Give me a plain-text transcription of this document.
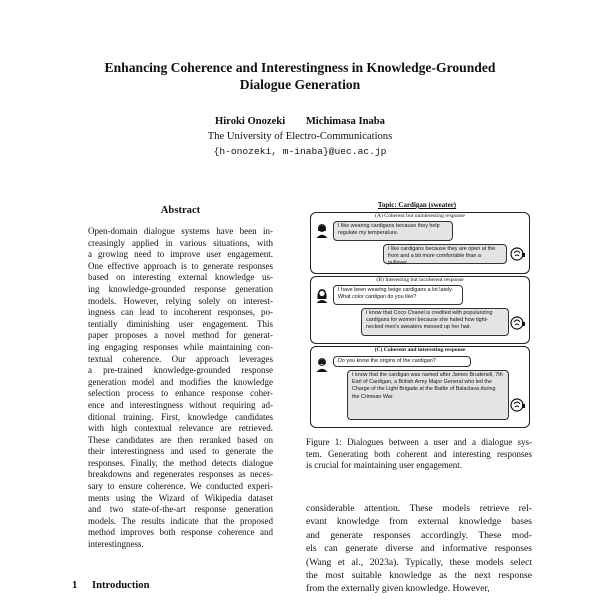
Enhancing Coherence and Interestingness in Knowledge-Grounded
Dialogue Generation
Hiroki Onozeki Michimasa Inaba
The University of Electro-Communications
{h-onozeki, m-inaba}@uec.ac.jp
Abstract
Open-domain dialogue systems have been in-
creasingly applied in various situations, with
a growing need to improve user engagement.
One effective approach is to generate responses
based on interesting external knowledge us-
ing knowledge-grounded response generation
models. However, relying solely on interest-
ingness can lead to incoherent responses, po-
tentially diminishing user engagement. This
paper proposes a novel method for generat-
ing engaging responses while maintaining con-
textual coherence. Our approach leverages
a pre-trained knowledge-grounded response
generation model and modifies the knowledge
selection process to enhance response coher-
ence and interestingness without requiring ad-
ditional training. First, knowledge candidates
with high contextual relevance are retrieved.
These candidates are then reranked based on
their interestingness and used to generate the
responses. Finally, the method detects dialogue
breakdowns and regenerates responses as neces-
sary to ensure coherence. We conducted experi-
ments using the Wizard of Wikipedia dataset
and two state-of-the-art response generation
models. The results indicate that the proposed
method improves both response coherence and
interestingness.
1 Introduction
Topic: Cardigan (sweater)
(A) Coherent but uninteresting response
I like wearing cardigans because they help regulate my temperature.
I like cardigans because they are open at the front and a bit more comfortable than a pullover.
(B) Interesting but incoherent response
I have been wearing beige cardigans a lot lately. What color cardigan do you like?
I know that Coco Chanel is credited with popularizing cardigans for women because she hated how tight-necked men's sweaters messed up her hair.
(C) Coherent and interesting response
Do you know the origins of the cardigan?
I know that the cardigan was named after James Brudenell, 7th Earl of Cardigan, a British Army Major General who led the Charge of the Light Brigade at the Battle of Balaclava during the Crimean War.
Figure 1: Dialogues between a user and a dialogue sys-
tem. Generating both coherent and interesting responses
is crucial for maintaining user engagement.
considerable attention. These models retrieve rel-
evant knowledge from external knowledge bases
and generate responses accordingly. These mod-
els can generate diverse and informative responses
(Wang et al., 2023a). Typically, these models select
the most suitable knowledge as the next response
from the externally given knowledge. However,
